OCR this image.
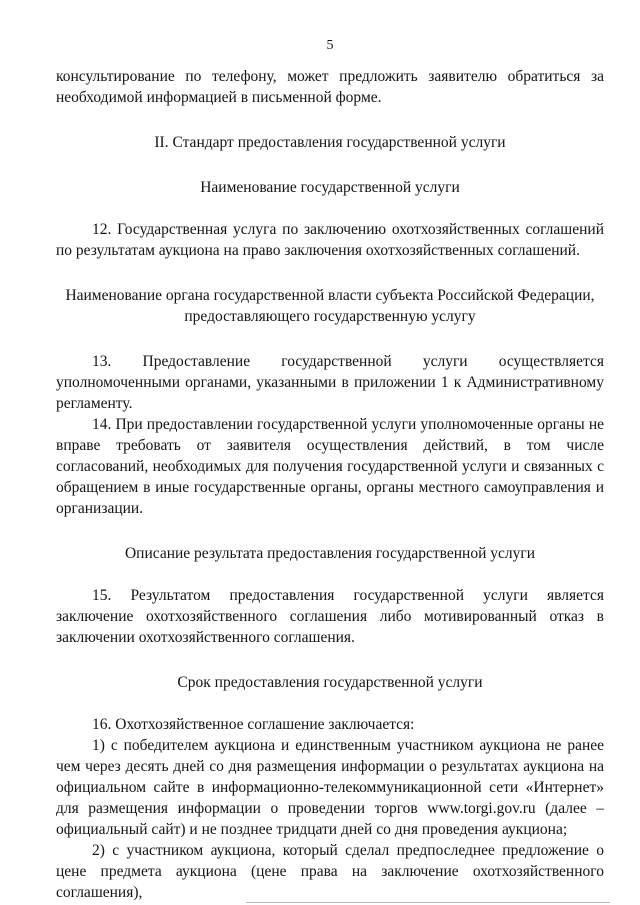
5

консультирование по телефону, может предложить заявителю обратиться за необходимой информацией в письменной форме.

II. Стандарт предоставления государственной услуги
Наименование государственной услуги

12. Государственная услуга по заключению охотхозяйственных соглашений по результатам аукциона на право заключения охотхозяйственных соглашений.

Наименование органа государственной власти субъекта Российской Федерации,
предоставляющего государственную услугу

13. Предоставление государственной услуги осуществляется уполномоченными органами, указанными в приложении 1 к Административному регламенту.

14. При предоставлении государственной услуги уполномоченные органы не вправе требовать от заявителя осуществления действий, в том числе согласований, необходимых для получения государственной услуги и связанных с обращением в иные государственные органы, органы местного самоуправления и организации.

Описание результата предоставления государственной услуги

15. Результатом предоставления государственной услуги является заключение охотхозяйственного соглашения либо мотивированный отказ в заключении охотхозяйственного соглашения.

Срок предоставления государственной услуги

16. Охотхозяйственное соглашение заключается:

1) с победителем аукциона и единственным участником аукциона не ранее чем через десять дней со дня размещения информации о результатах аукциона на официальном сайте в информационно-телекоммуникационной сети «Интернет» для размещения информации о проведении торгов www.torgi.gov.ru (далее – официальный сайт) и не позднее тридцати дней со дня проведения аукциона;

2) с участником аукциона, который сделал предпоследнее предложение о цене предмета аукциона (цене права на заключение охотхозяйственного соглашения),
